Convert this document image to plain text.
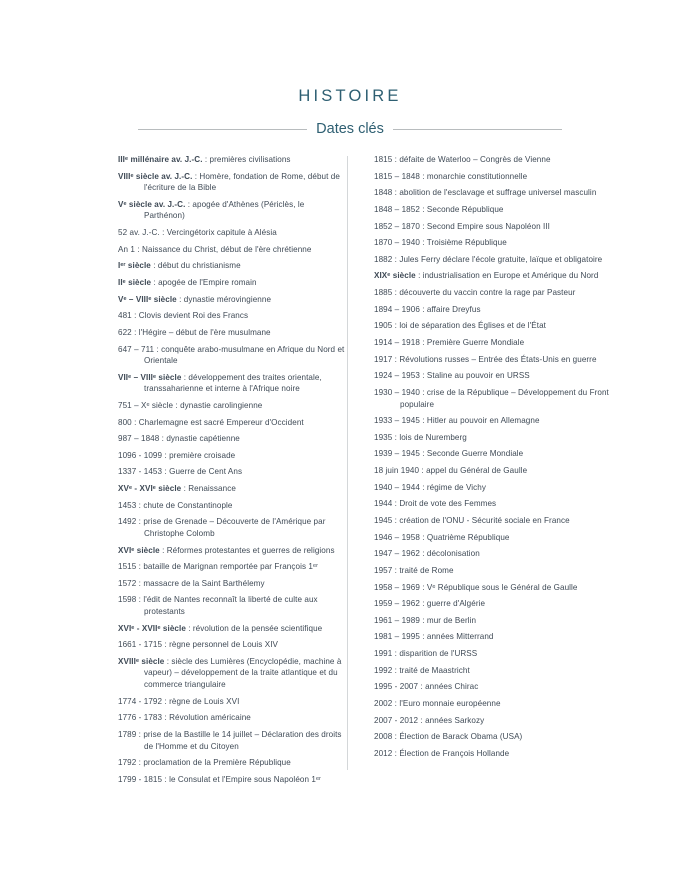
HISTOIRE
Dates clés
IIIᵉ millénaire av. J.-C. : premières civilisations
VIIIᵉ siècle av. J.-C. : Homère, fondation de Rome, début de l'écriture de la Bible
Vᵉ siècle av. J.-C. : apogée d'Athènes (Périclès, le Parthénon)
52 av. J.-C. : Vercingétorix capitule à Alésia
An 1 : Naissance du Christ, début de l'ère chrétienne
Iᵉʳ siècle : début du christianisme
IIᵉ siècle : apogée de l'Empire romain
Vᵉ – VIIIᵉ siècle : dynastie mérovingienne
481 : Clovis devient Roi des Francs
622 : l'Hégire – début de l'ère musulmane
647 – 711 : conquête arabo-musulmane en Afrique du Nord et Orientale
VIIᵉ – VIIIᵉ siècle : développement des traites orientale, transsaharienne et interne à l'Afrique noire
751 – Xᵉ siècle : dynastie carolingienne
800 : Charlemagne est sacré Empereur d'Occident
987 – 1848 : dynastie capétienne
1096 - 1099 : première croisade
1337 - 1453 : Guerre de Cent Ans
XVᵉ - XVIᵉ siècle : Renaissance
1453 : chute de Constantinople
1492 : prise de Grenade – Découverte de l'Amérique par Christophe Colomb
XVIᵉ siècle : Réformes protestantes et guerres de religions
1515 : bataille de Marignan remportée par François 1ᵉʳ
1572 : massacre de la Saint Barthélemy
1598 : l'édit de Nantes reconnaît la liberté de culte aux protestants
XVIᵉ - XVIIᵉ siècle : révolution de la pensée scientifique
1661 - 1715 : règne personnel de Louis XIV
XVIIIᵉ siècle : siècle des Lumières (Encyclopédie, machine à vapeur) – développement de la traite atlantique et du commerce triangulaire
1774 - 1792 : règne de Louis XVI
1776 - 1783 : Révolution américaine
1789 : prise de la Bastille le 14 juillet – Déclaration des droits de l'Homme et du Citoyen
1792 : proclamation de la Première République
1799 - 1815 : le Consulat et l'Empire sous Napoléon 1ᵉʳ
1815 : défaite de Waterloo – Congrès de Vienne
1815 – 1848 : monarchie constitutionnelle
1848 : abolition de l'esclavage et suffrage universel masculin
1848 – 1852 : Seconde République
1852 – 1870 : Second Empire sous Napoléon III
1870 – 1940 : Troisième République
1882 : Jules Ferry déclare l'école gratuite, laïque et obligatoire
XIXᵉ siècle : industrialisation en Europe et Amérique du Nord
1885 : découverte du vaccin contre la rage par Pasteur
1894 – 1906 : affaire Dreyfus
1905 : loi de séparation des Églises et de l'État
1914 – 1918 : Première Guerre Mondiale
1917 : Révolutions russes – Entrée des États-Unis en guerre
1924 – 1953 : Staline au pouvoir en URSS
1930 – 1940 : crise de la République – Développement du Front populaire
1933 – 1945 : Hitler au pouvoir en Allemagne
1935 : lois de Nuremberg
1939 – 1945 : Seconde Guerre Mondiale
18 juin 1940 : appel du Général de Gaulle
1940 – 1944 : régime de Vichy
1944 : Droit de vote des Femmes
1945 : création de l'ONU - Sécurité sociale en France
1946 – 1958 : Quatrième République
1947 – 1962 : décolonisation
1957 : traité de Rome
1958 – 1969 : Vᵉ République sous le Général de Gaulle
1959 – 1962 : guerre d'Algérie
1961 – 1989 : mur de Berlin
1981 – 1995 : années Mitterrand
1991 : disparition de l'URSS
1992 : traité de Maastricht
1995 - 2007 : années Chirac
2002 : l'Euro monnaie européenne
2007 - 2012 : années Sarkozy
2008 : Élection de Barack Obama (USA)
2012 : Élection de François Hollande
